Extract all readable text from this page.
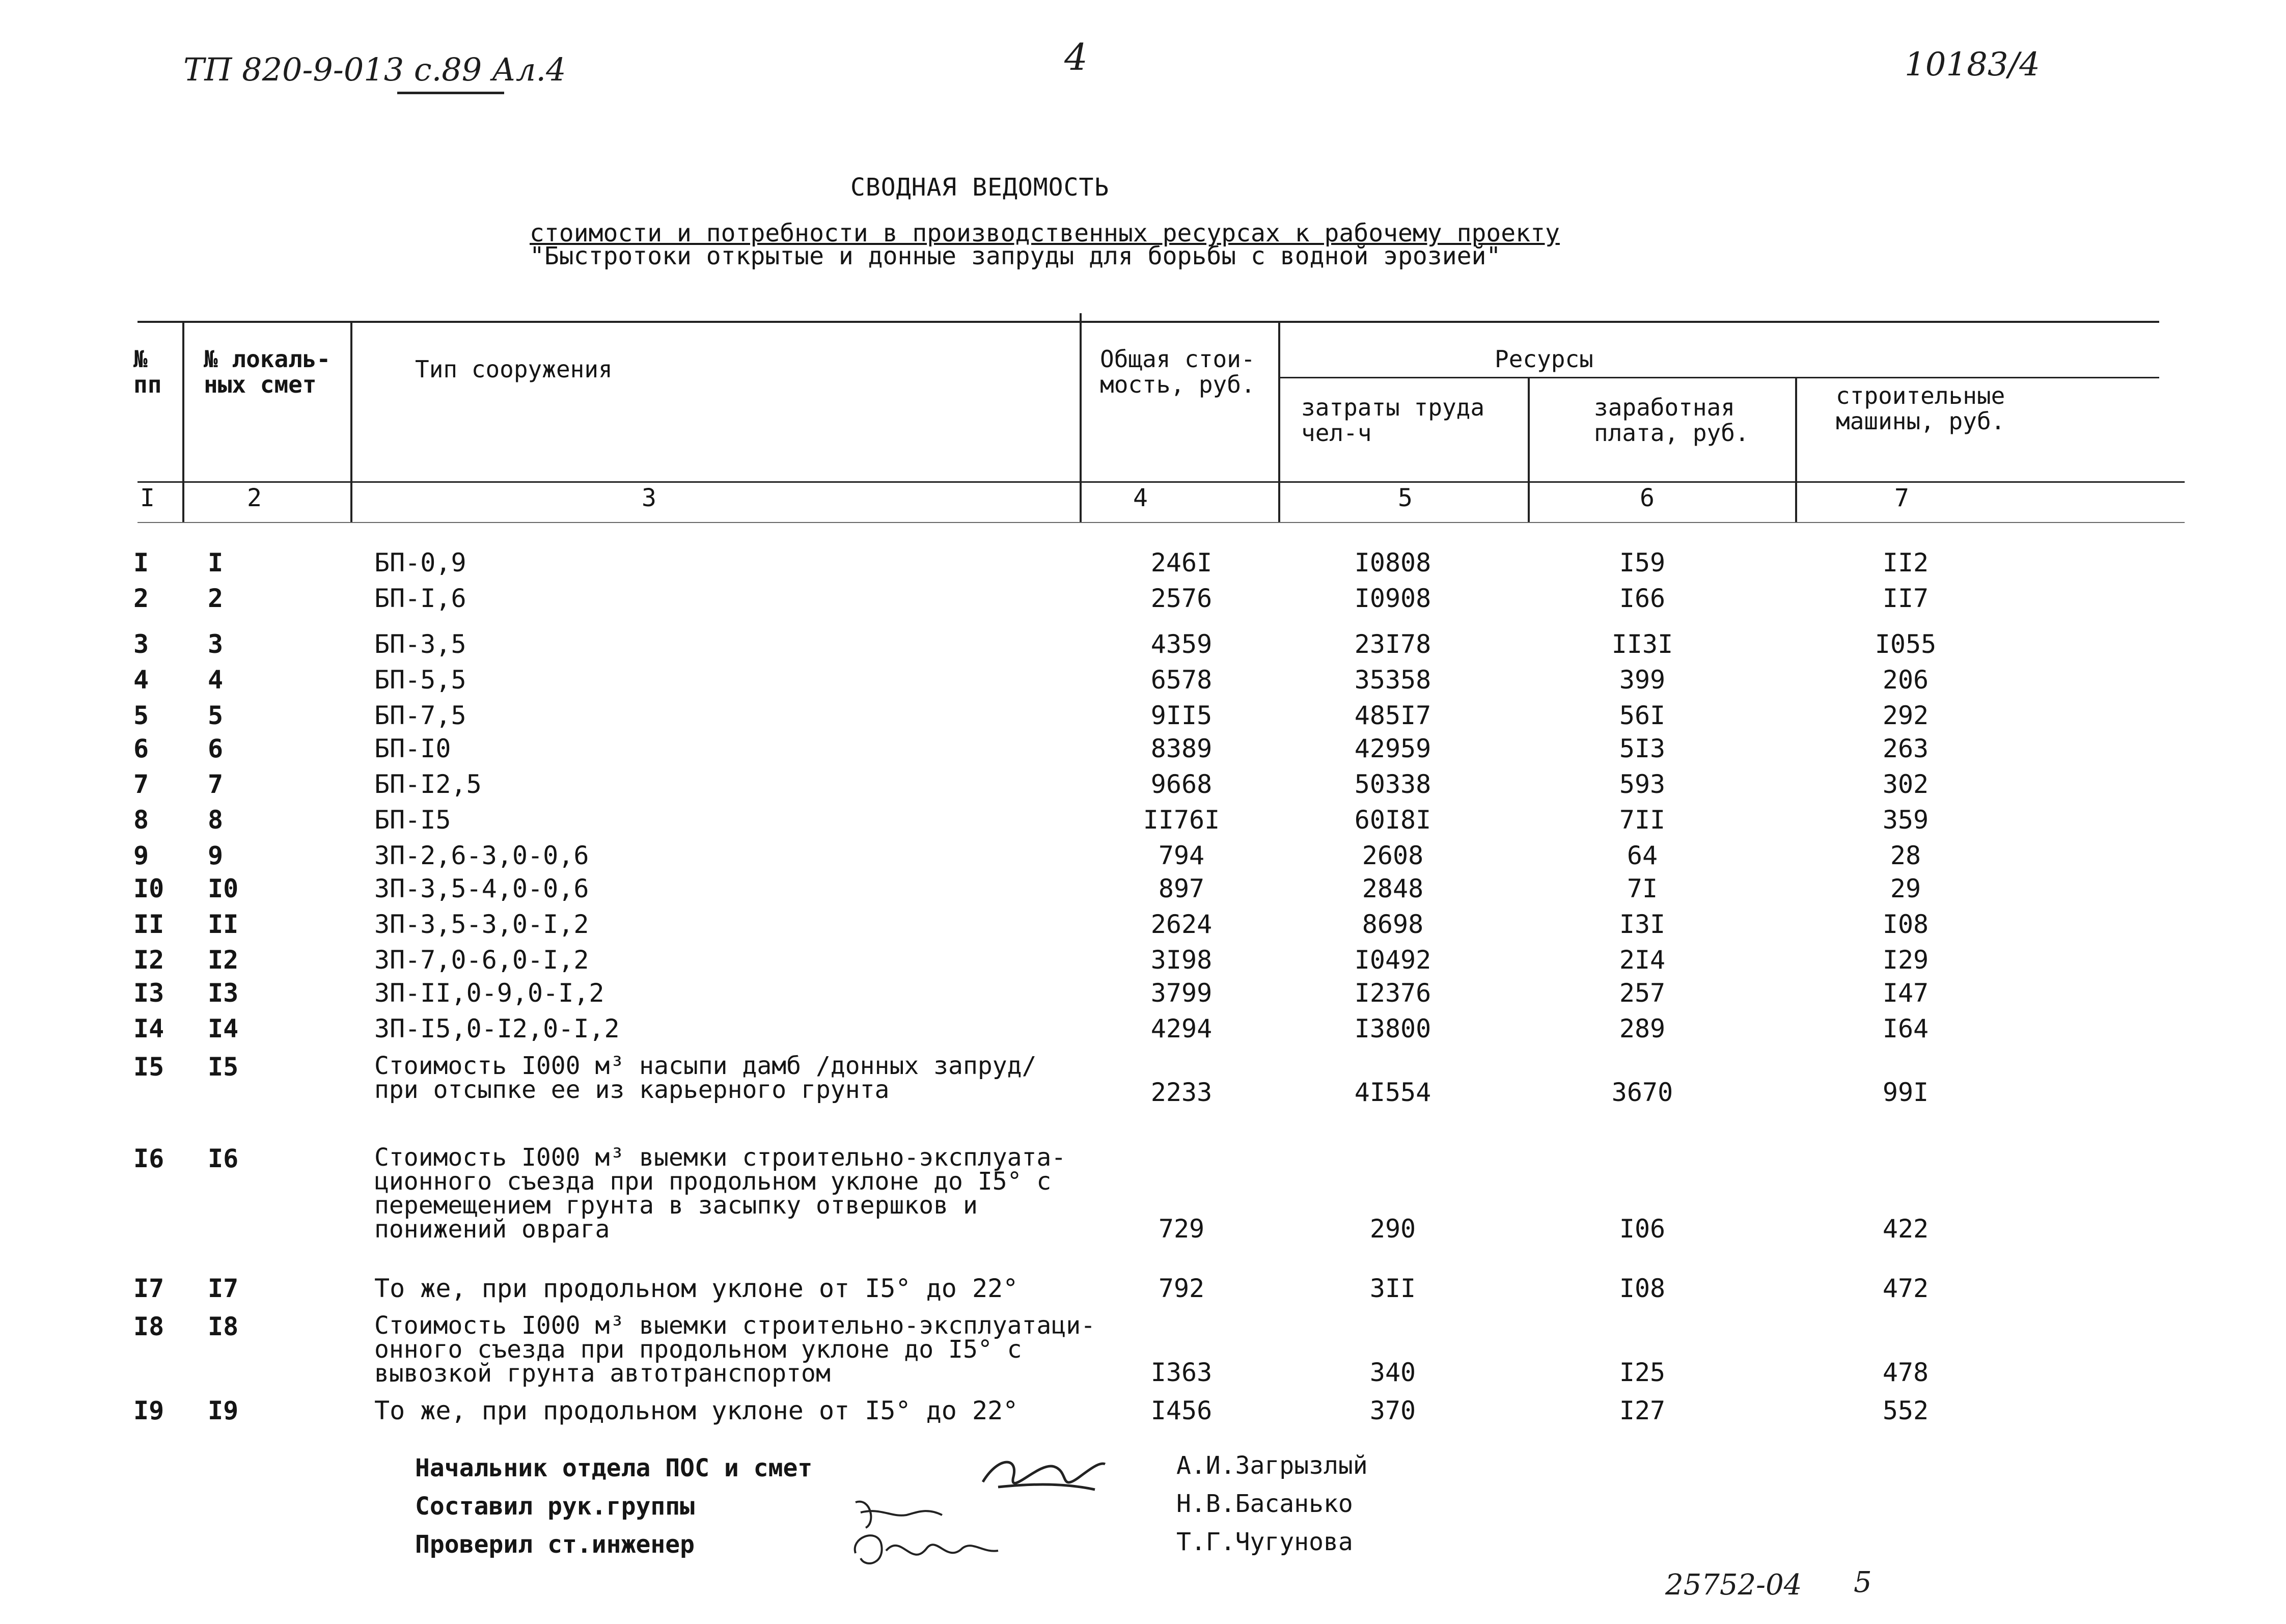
ТП 820-9-013 с.89 Ал.4	4	10183/4
СВОДНАЯ ВЕДОМОСТЬ
стоимости и потребности в производственных ресурсах к рабочему проекту
"Быстротоки открытые и донные запруды для борьбы с водной эрозией"
№ пп
№ локаль-ных смет
Тип сооружения	Общая стои-мость, руб.
Ресурсы
затраты труда чел-ч
заработная плата, руб.
строительные машины, руб.
I	2	3	4	5	6	7
I I	БП-0,9	246I	I0808	I59	II2
2 2	БП-I,6	2576	I0908	I66	II7
3 3	БП-3,5	4359	23I78	II3I	I055
4 4	БП-5,5	6578	35358	399	206
5 5	БП-7,5	9II5	485I7	56I	292
6 6	БП-I0	8389	42959	5I3	263
7 7	БП-I2,5	9668	50338	593	302
8 8	БП-I5	II76I	60I8I	7II	359
9 9	ЗП-2,6-3,0-0,6	794	2608	64	28
I0 I0	ЗП-3,5-4,0-0,6	897	2848	7I	29
II II	ЗП-3,5-3,0-I,2	2624	8698	I3I	I08
I2 I2	ЗП-7,0-6,0-I,2	3I98	I0492	2I4	I29
I3 I3	ЗП-II,0-9,0-I,2	3799	I2376	257	I47
I4 I4	ЗП-I5,0-I2,0-I,2	4294	I3800	289	I64
I5 I5	Стоимость I000 м³ насыпи дамб /донных запруд/
при отсыпке ее из карьерного грунта	2233	4I554	3670	99I
I6 I6	Стоимость I000 м³ выемки строительно-эксплуата-
ционного съезда при продольном уклоне до I5° с
перемещением грунта в засыпку отвершков и
понижений оврага	729	290	I06	422
I7 I7	То же, при продольном уклоне от I5° до 22°	792	3II	I08	472
I8 I8	Стоимость I000 м³ выемки строительно-эксплуатаци-
онного съезда при продольном уклоне до I5° с
вывозкой грунта автотранспортом	I363	340	I25	478
I9 I9	То же, при продольном уклоне от I5° до 22°	I456	370	I27	552
Начальник отдела ПОС и смет
Составил рук.группы
Проверил ст.инженер
А.И.Загрызлый
Н.В.Басанько
Т.Г.Чугунова
25752-04 5
